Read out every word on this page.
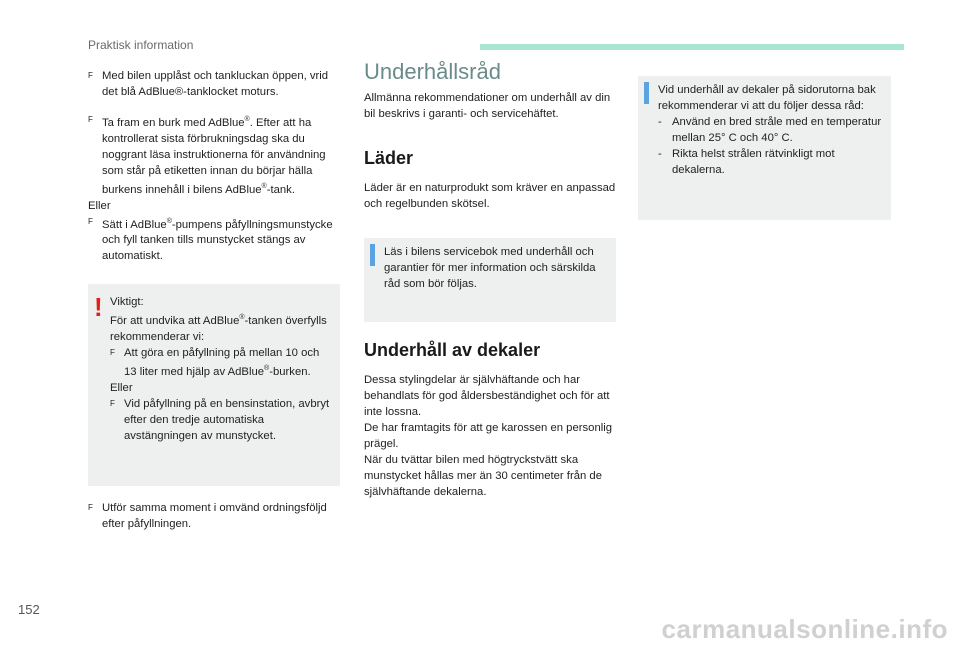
Praktisk information
F Med bilen upplåst och tankluckan öppen, vrid det blå AdBlue®-tanklocket moturs.
F Ta fram en burk med AdBlue®. Efter att ha kontrollerat sista förbrukningsdag ska du noggrant läsa instruktionerna för användning som står på etiketten innan du börjar hälla burkens innehåll i bilens AdBlue®-tank.
Eller
F Sätt i AdBlue®-pumpens påfyllningsmunstycke och fyll tanken tills munstycket stängs av automatiskt.
! Viktigt:
För att undvika att AdBlue®-tanken överfylls rekommenderar vi:
F Att göra en påfyllning på mellan 10 och 13 liter med hjälp av AdBlue®-burken.
Eller
F Vid påfyllning på en bensinstation, avbryt efter den tredje automatiska avstängningen av munstycket.
F Utför samma moment i omvänd ordningsföljd efter påfyllningen.
Underhållsråd
Allmänna rekommendationer om underhåll av din bil beskrivs i garanti- och servicehäftet.
Läder
Läder är en naturprodukt som kräver en anpassad och regelbunden skötsel.
Läs i bilens servicebok med underhåll och garantier för mer information och särskilda råd som bör följas.
Underhåll av dekaler
Dessa stylingdelar är självhäftande och har behandlats för god åldersbeständighet och för att inte lossna.
De har framtagits för att ge karossen en personlig prägel.
När du tvättar bilen med högtryckstvätt ska munstycket hållas mer än 30 centimeter från de självhäftande dekalerna.
Vid underhåll av dekaler på sidorutorna bak rekommenderar vi att du följer dessa råd:
- Använd en bred stråle med en temperatur mellan 25° C och 40° C.
- Rikta helst strålen rätvinkligt mot dekalerna.
152
carmanualsonline.info
